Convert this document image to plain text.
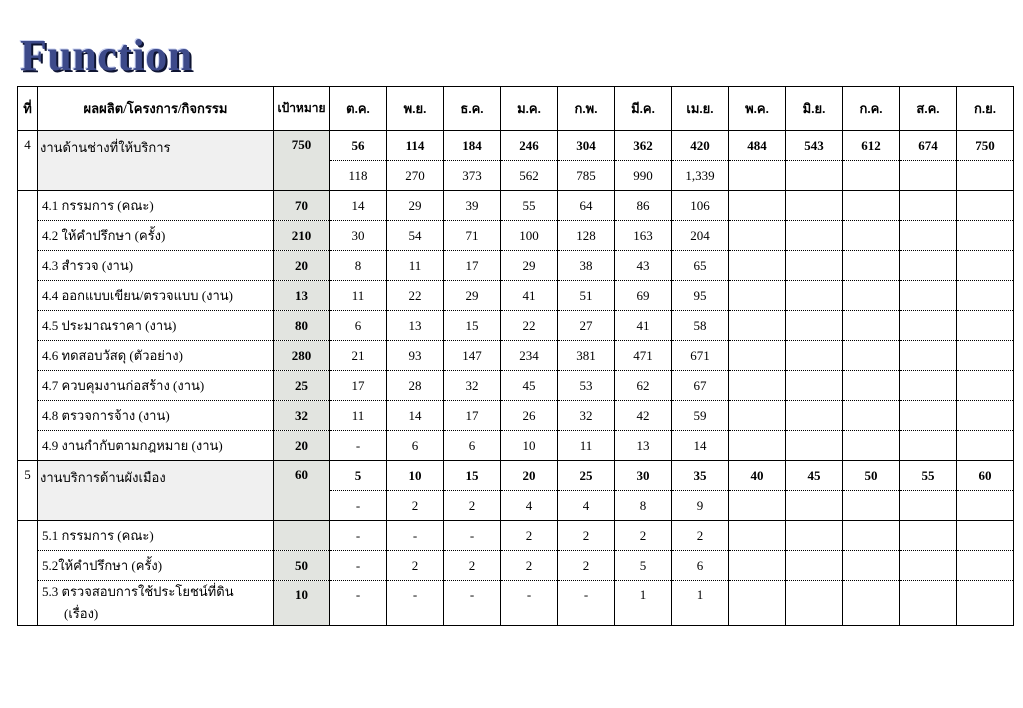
Function
ที่	ผลผลิต/โครงการ/กิจกรรม	เป้าหมาย	ต.ค.	พ.ย.	ธ.ค.	ม.ค.	ก.พ.	มี.ค.	เม.ย.	พ.ค.	มิ.ย.	ก.ค.	ส.ค.	ก.ย.
4	งานด้านช่างที่ให้บริการ	750	56	114	184	246	304	362	420	484	543	612	674	750
			118	270	373	562	785	990	1,339					
	4.1 กรรมการ (คณะ)	70	14	29	39	55	64	86	106					
	4.2 ให้คำปรึกษา (ครั้ง)	210	30	54	71	100	128	163	204					
	4.3 สำรวจ (งาน)	20	8	11	17	29	38	43	65					
	4.4 ออกแบบเขียน/ตรวจแบบ (งาน)	13	11	22	29	41	51	69	95					
	4.5 ประมาณราคา (งาน)	80	6	13	15	22	27	41	58					
	4.6 ทดสอบวัสดุ (ตัวอย่าง)	280	21	93	147	234	381	471	671					
	4.7 ควบคุมงานก่อสร้าง (งาน)	25	17	28	32	45	53	62	67					
	4.8 ตรวจการจ้าง (งาน)	32	11	14	17	26	32	42	59					
	4.9 งานกำกับตามกฎหมาย (งาน)	20	-	6	6	10	11	13	14					
5	งานบริการด้านผังเมือง	60	5	10	15	20	25	30	35	40	45	50	55	60
			-	2	2	4	4	8	9					
	5.1 กรรมการ (คณะ)		-	-	-	2	2	2	2					
	5.2ให้คำปรึกษา (ครั้ง)	50	-	2	2	2	2	5	6					

	5.3 ตรวจสอบการใช้ประโยชน์ที่ดิน
(เรื่อง)	10	-	-	-	-	-	1	1					
